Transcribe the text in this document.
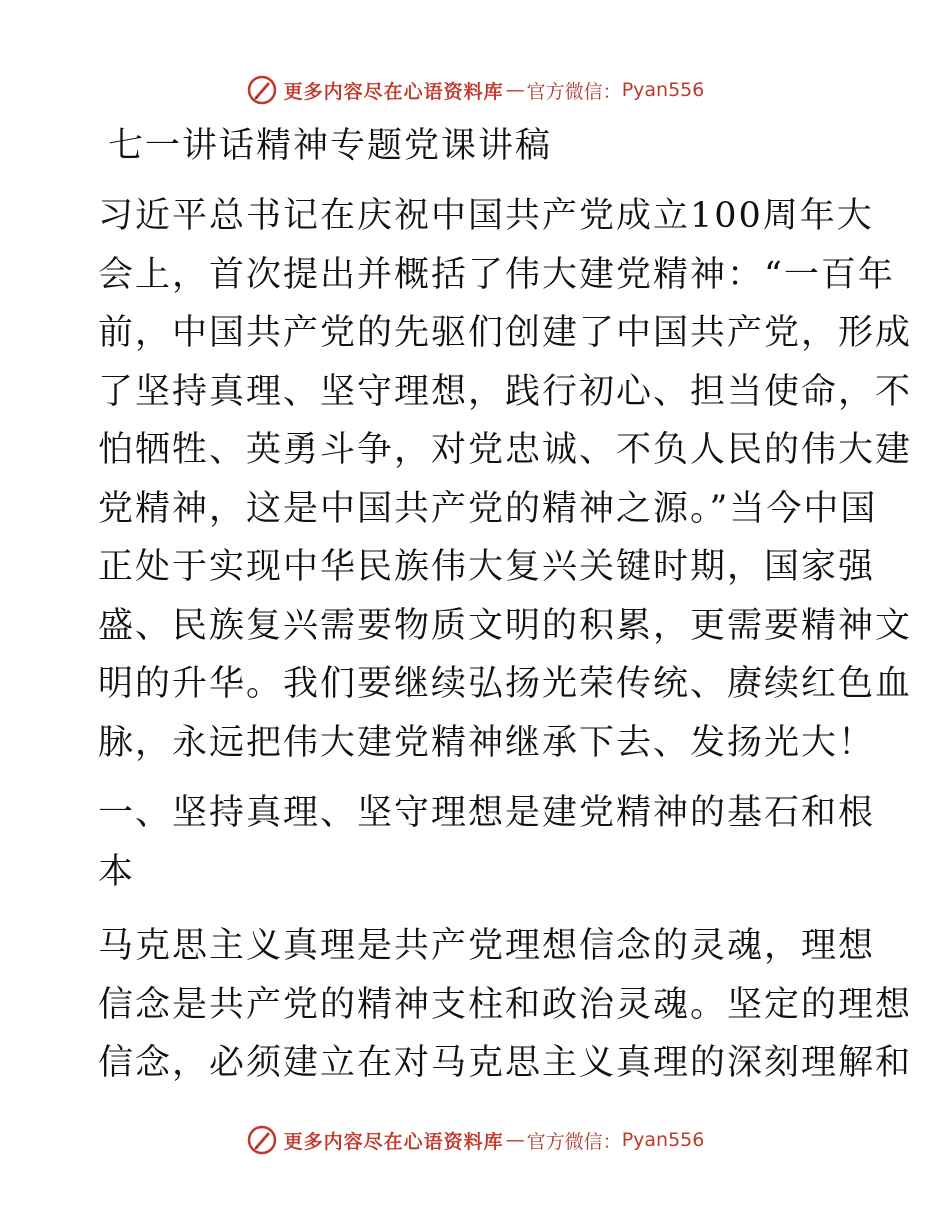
更多内容尽在心语资料库 — 官方微信： Pyan556
七一讲话精神专题党课讲稿

习近平总书记在庆祝中国共产党成立100周年大
会上，首次提出并概括了伟大建党精神：“一百年
前，中国共产党的先驱们创建了中国共产党，形成
了坚持真理、坚守理想，践行初心、担当使命，不
怕牺牲、英勇斗争，对党忠诚、不负人民的伟大建
党精神，这是中国共产党的精神之源。”当今中国
正处于实现中华民族伟大复兴关键时期，国家强
盛、民族复兴需要物质文明的积累，更需要精神文
明的升华。我们要继续弘扬光荣传统、赓续红色血
脉，永远把伟大建党精神继承下去、发扬光大！

一、坚持真理、坚守理想是建党精神的基石和根
本

马克思主义真理是共产党理想信念的灵魂，理想
信念是共产党的精神支柱和政治灵魂。坚定的理想
信念，必须建立在对马克思主义真理的深刻理解和

更多内容尽在心语资料库 — 官方微信： Pyan556
